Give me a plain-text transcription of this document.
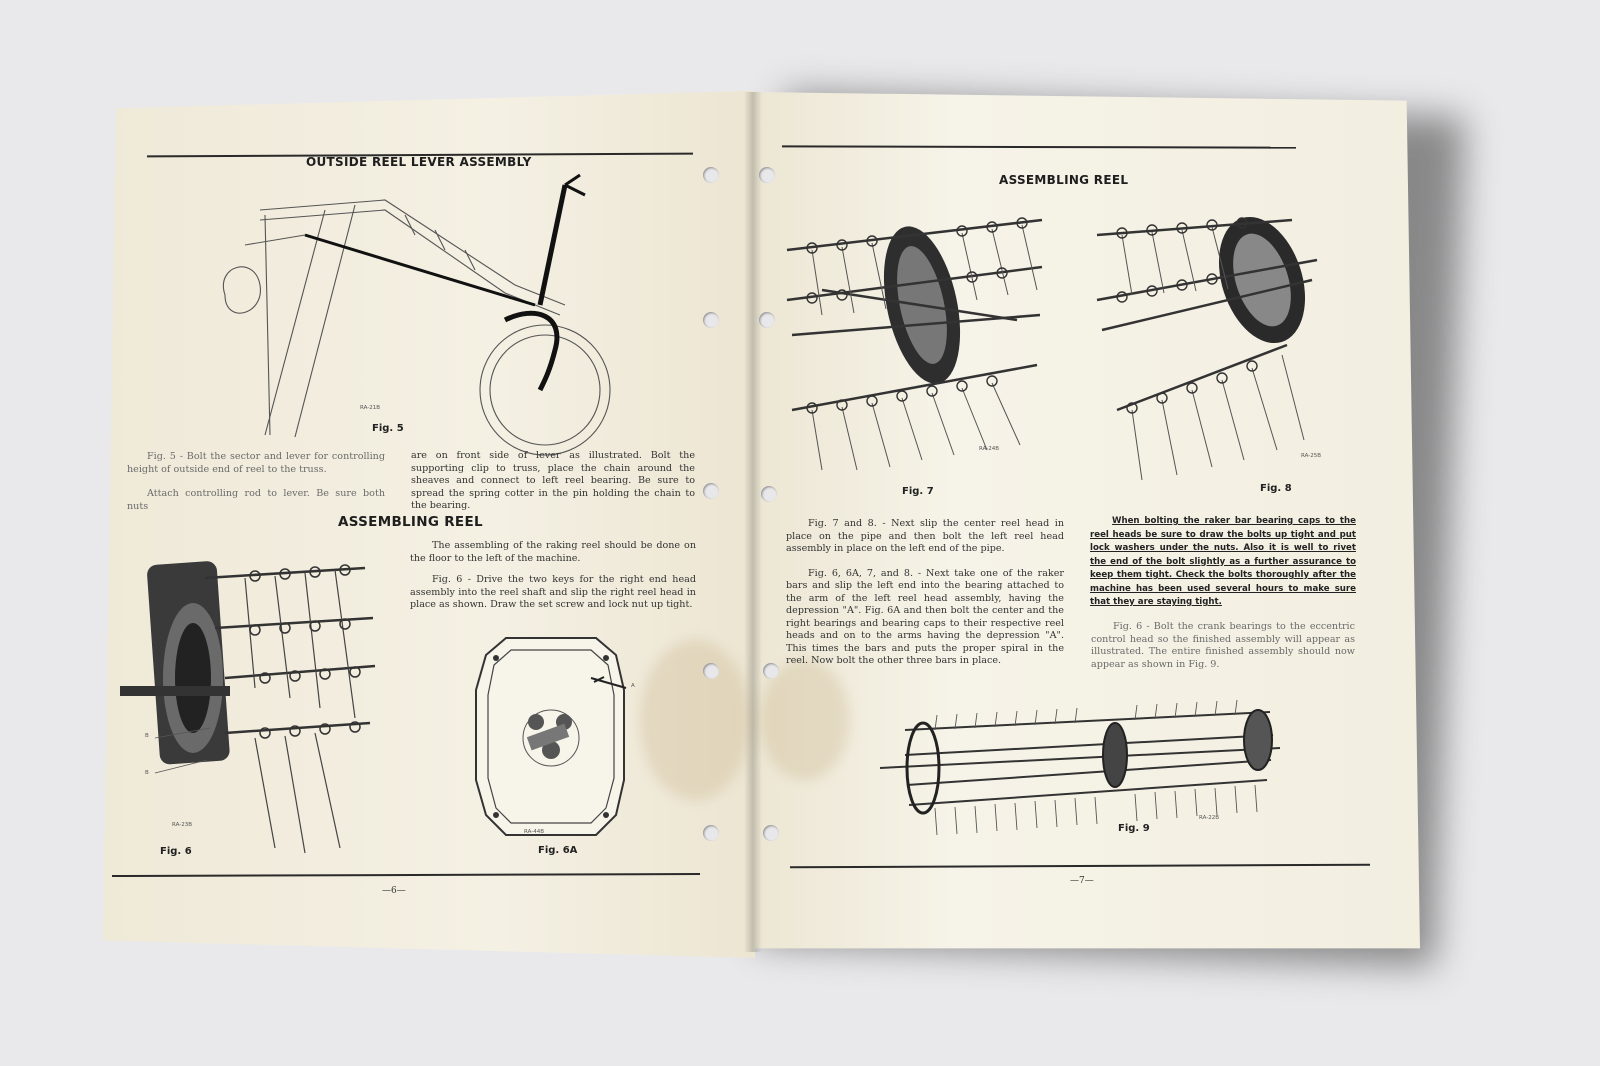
OUTSIDE REEL LEVER ASSEMBLY
RA-21B
Fig. 5
Fig. 5 - Bolt the sector and lever for controlling height of outside end of reel to the truss.
Attach controlling rod to lever. Be sure both nuts
are on front side of lever as illustrated. Bolt the supporting clip to truss, place the chain around the sheaves and connect to left reel bearing. Be sure to spread the spring cotter in the pin holding the chain to the bearing.
ASSEMBLING REEL

The assembling of the raking reel should be done on the floor to the left of the machine.

Fig. 6 - Drive the two keys for the right end head assembly into the reel shaft and slip the right reel head in place as shown. Draw the set screw and lock nut up tight.

B
B
RA-23B
Fig. 6
A
RA-44B
Fig. 6A
—6—
ASSEMBLING REEL
RA-24B
Fig. 7
RA-25B
Fig. 8

Fig. 7 and 8. - Next slip the center reel head in place on the pipe and then bolt the left reel head assembly in place on the left end of the pipe.

Fig. 6, 6A, 7, and 8. - Next take one of the raker bars and slip the left end into the bearing attached to the arm of the left reel head assembly, having the depression "A". Fig. 6A and then bolt the center and the right bearings and bearing caps to their respective reel heads and on to the arms having the depression "A". This times the bars and puts the proper spiral in the reel. Now bolt the other three bars in place.

When bolting the raker bar bearing caps to the reel heads be sure to draw the bolts up tight and put lock washers under the nuts. Also it is well to rivet the end of the bolt slightly as a further assurance to keep them tight. Check the bolts thoroughly after the machine has been used several hours to make sure that they are staying tight.
Fig. 6 - Bolt the crank bearings to the eccentric control head so the finished assembly will appear as illustrated. The entire finished assembly should now appear as shown in Fig. 9.
RA-22B
Fig. 9
—7—
